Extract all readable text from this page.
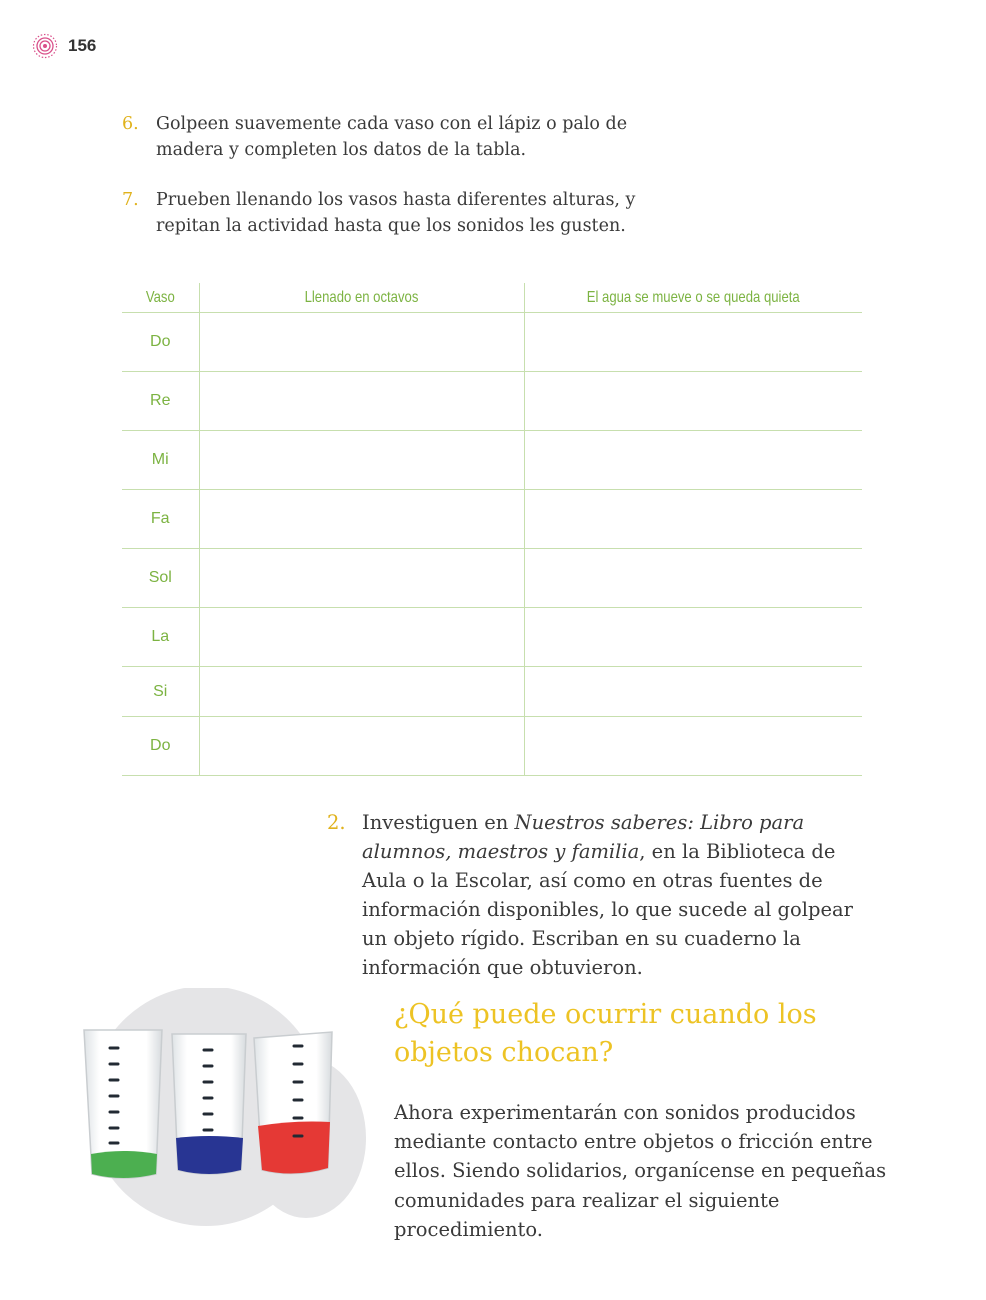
156
6. Golpeen suavemente cada vaso con el lápiz o palo de madera y completen los datos de la tabla.
7. Prueben llenando los vasos hasta diferentes alturas, y repitan la actividad hasta que los sonidos les gusten.
Vaso	Llenado en octavos	El agua se mueve o se queda quieta
Do		
Re		
Mi		
Fa		
Sol		
La		
Si		
Do		
2. Investiguen en Nuestros saberes: Libro para alumnos, maestros y familia, en la Biblioteca de Aula o la Escolar, así como en otras fuentes de información disponibles, lo que sucede al golpear un objeto rígido. Escriban en su cuaderno la información que obtuvieron.
¿Qué puede ocurrir cuando los objetos chocan?
Ahora experimentarán con sonidos producidos mediante contacto entre objetos o fricción entre ellos. Siendo solidarios, organícense en pequeñas comunidades para realizar el siguiente procedimiento.
